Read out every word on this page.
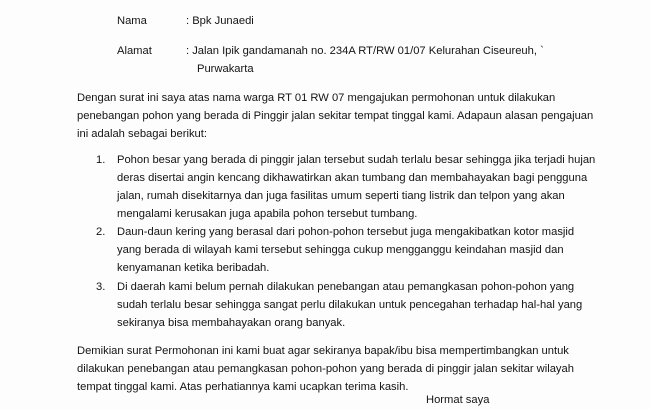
Nama	: Bpk Junaedi
Alamat	: Jalan Ipik gandamanah no. 234A RT/RW 01/07 Kelurahan Ciseureuh, `
Purwakarta
Dengan surat ini saya atas nama warga RT 01 RW 07 mengajukan permohonan untuk dilakukan
penebangan pohon yang berada di Pinggir jalan sekitar tempat tinggal kami. Adapaun alasan pengajuan
ini adalah sebagai berikut:
1. Pohon besar yang berada di pinggir jalan tersebut sudah terlalu besar sehingga jika terjadi hujan
deras disertai angin kencang dikhawatirkan akan tumbang dan membahayakan bagi pengguna
jalan, rumah disekitarnya dan juga fasilitas umum seperti tiang listrik dan telpon yang akan
mengalami kerusakan juga apabila pohon tersebut tumbang.
2. Daun-daun kering yang berasal dari pohon-pohon tersebut juga mengakibatkan kotor masjid
yang berada di wilayah kami tersebut sehingga cukup mengganggu keindahan masjid dan
kenyamanan ketika beribadah.
3. Di daerah kami belum pernah dilakukan penebangan atau pemangkasan pohon-pohon yang
sudah terlalu besar sehingga sangat perlu dilakukan untuk pencegahan terhadap hal-hal yang
sekiranya bisa membahayakan orang banyak.
Demikian surat Permohonan ini kami buat agar sekiranya bapak/ibu bisa mempertimbangkan untuk
dilakukan penebangan atau pemangkasan pohon-pohon yang berada di pinggir jalan sekitar wilayah
tempat tinggal kami. Atas perhatiannya kami ucapkan terima kasih.
Hormat saya
